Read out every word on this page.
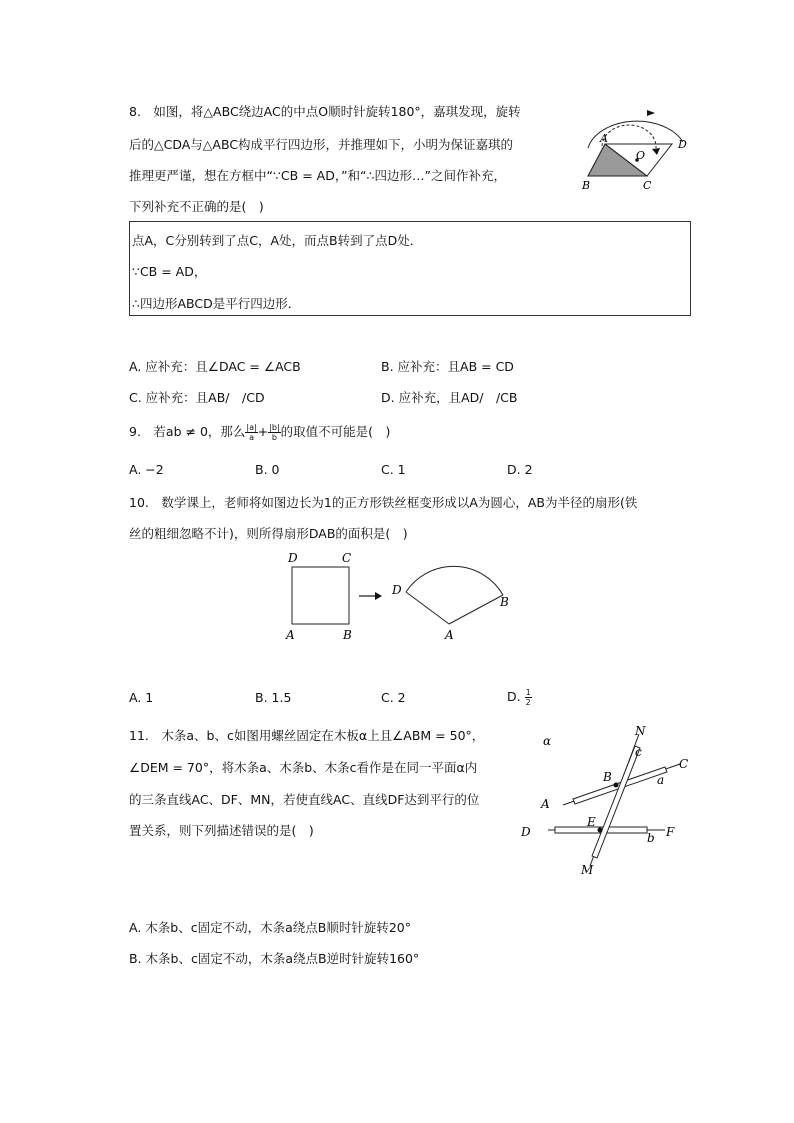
8.　如图，将△ABC绕边AC的中点O顺时针旋转180°，嘉琪发现，旋转
后的△CDA与△ABC构成平行四边形，并推理如下，小明为保证嘉琪的
推理更严谨，想在方框中“∵CB = AD，”和“∴四边形…”之间作补充，
下列补充不正确的是(　)
A	D
B	C
O
点A，C分别转到了点C，A处，而点B转到了点D处．
∵CB = AD，
∴四边形ABCD是平行四边形．
A. 应补充：且∠DAC = ∠ACB	B. 应补充：且AB = CD
C. 应补充：且AB/　/CD	D. 应补充，且AD/　/CB
9.　若ab ≠ 0，那么 $\frac{|a|}{a} + \frac{|b|}{b}$ 的取值不可能是(　)
A. −2	B. 0	C. 1	D. 2
10.　数学课上，老师将如图边长为1的正方形铁丝框变形成以A为圆心，AB为半径的扇形(铁
丝的粗细忽略不计)，则所得扇形DAB的面积是(　)
D	C
A	B
D
B
A
A. 1	B. 1.5	C. 2	D. $\frac{1}{2}$
11.　木条a、b、c如图用螺丝固定在木板α上且∠ABM = 50°，
∠DEM = 70°，将木条a、木条b、木条c看作是在同一平面α内
的三条直线AC、DF、MN，若使直线AC、直线DF达到平行的位
置关系，则下列描述错误的是(　)
α
N
c
C
B	a
A
E
D	F
b
M
A. 木条b、c固定不动，木条a绕点B顺时针旋转20°
B. 木条b、c固定不动，木条a绕点B逆时针旋转160°
